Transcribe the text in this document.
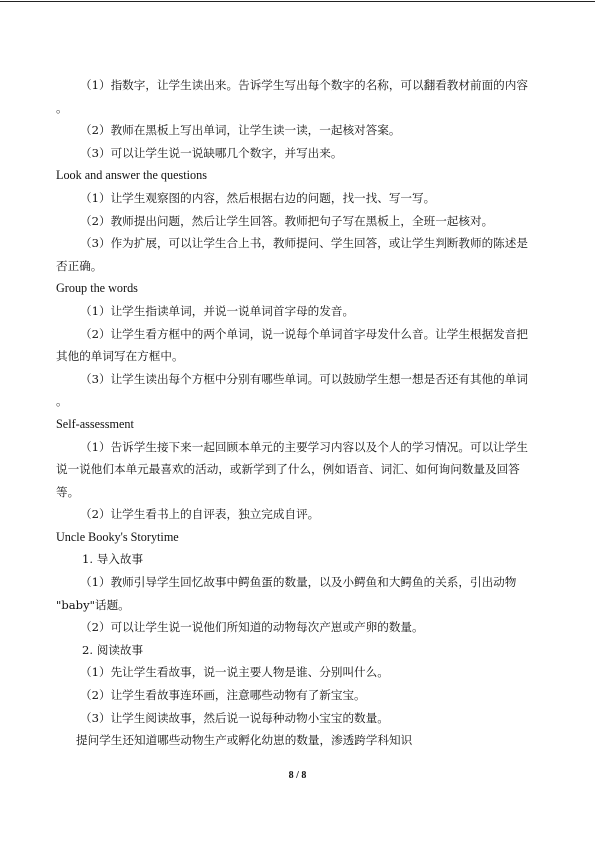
（1）指数字，让学生读出来。告诉学生写出每个数字的名称，可以翻看教材前面的内容
。
（2）教师在黑板上写出单词，让学生读一读，一起核对答案。
（3）可以让学生说一说缺哪几个数字，并写出来。
Look and answer the questions
（1）让学生观察图的内容，然后根据右边的问题，找一找、写一写。
（2）教师提出问题，然后让学生回答。教师把句子写在黑板上，全班一起核对。
（3）作为扩展，可以让学生合上书，教师提问、学生回答，或让学生判断教师的陈述是
否正确。
Group the words
（1）让学生指读单词，并说一说单词首字母的发音。
（2）让学生看方框中的两个单词，说一说每个单词首字母发什么音。让学生根据发音把
其他的单词写在方框中。
（3）让学生读出每个方框中分别有哪些单词。可以鼓励学生想一想是否还有其他的单词
。
Self-assessment
（1）告诉学生接下来一起回顾本单元的主要学习内容以及个人的学习情况。可以让学生
说一说他们本单元最喜欢的活动，或新学到了什么，例如语音、词汇、如何询问数量及回答
等。
（2）让学生看书上的自评表，独立完成自评。
Uncle Booky's Storytime
1. 导入故事
（1）教师引导学生回忆故事中鳄鱼蛋的数量，以及小鳄鱼和大鳄鱼的关系，引出动物
"baby"话题。
（2）可以让学生说一说他们所知道的动物每次产崽或产卵的数量。
2. 阅读故事
（1）先让学生看故事，说一说主要人物是谁、分别叫什么。
（2）让学生看故事连环画，注意哪些动物有了新宝宝。
（3）让学生阅读故事，然后说一说每种动物小宝宝的数量。
提问学生还知道哪些动物生产或孵化幼崽的数量，渗透跨学科知识
8 / 8
